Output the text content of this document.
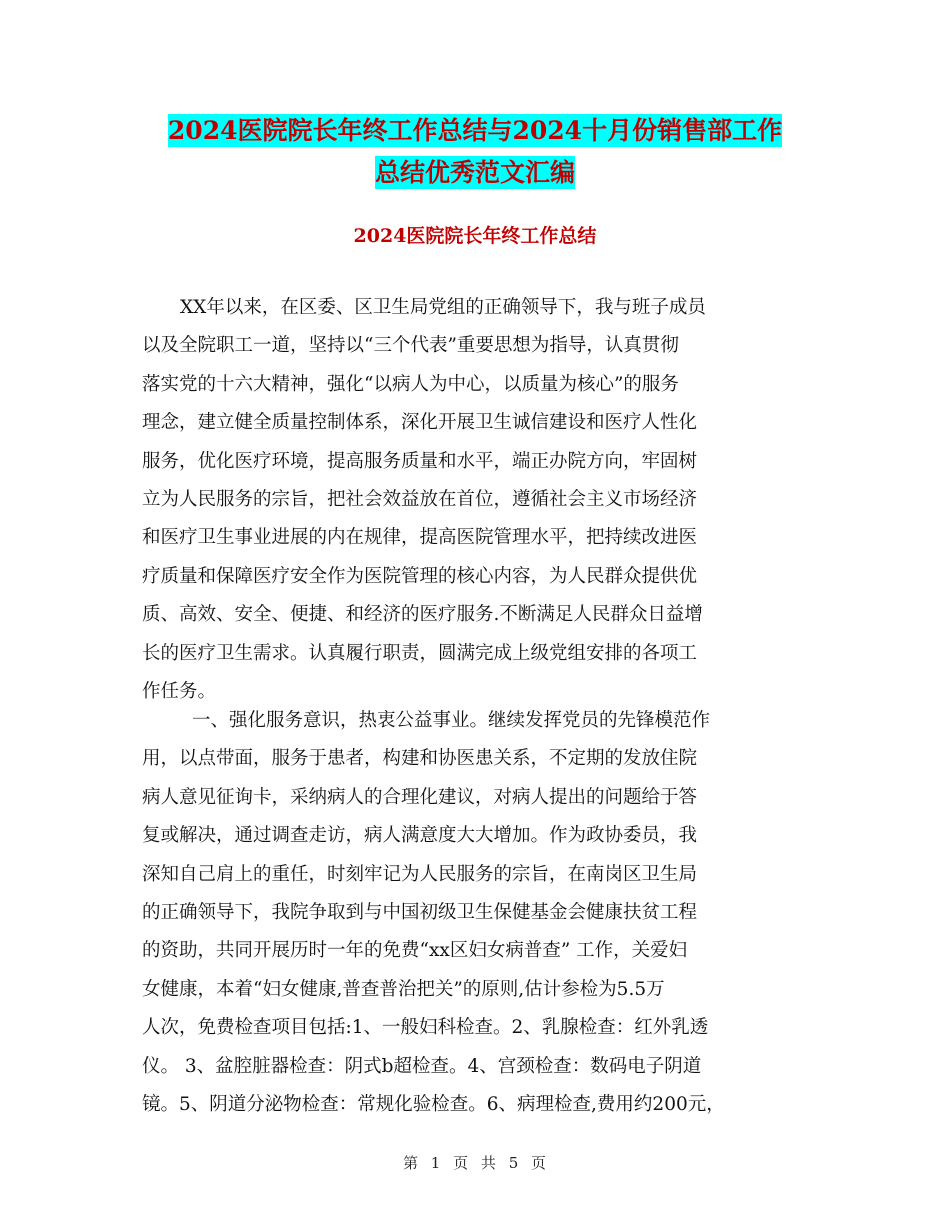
2024医院院长年终工作总结与2024十月份销售部工作
总结优秀范文汇编
2024医院院长年终工作总结
XX年以来，在区委、区卫生局党组的正确领导下，我与班子成员
以及全院职工一道，坚持以“三个代表”重要思想为指导，认真贯彻
落实党的十六大精神，强化“以病人为中心，以质量为核心”的服务
理念，建立健全质量控制体系，深化开展卫生诚信建设和医疗人性化
服务，优化医疗环境，提高服务质量和水平，端正办院方向，牢固树
立为人民服务的宗旨，把社会效益放在首位，遵循社会主义市场经济
和医疗卫生事业进展的内在规律，提高医院管理水平，把持续改进医
疗质量和保障医疗安全作为医院管理的核心内容，为人民群众提供优
质、高效、安全、便捷、和经济的医疗服务.不断满足人民群众日益增
长的医疗卫生需求。认真履行职责，圆满完成上级党组安排的各项工
作任务。
一、强化服务意识，热衷公益事业。继续发挥党员的先锋模范作
用，以点带面，服务于患者，构建和协医患关系，不定期的发放住院
病人意见征询卡，采纳病人的合理化建议，对病人提出的问题给于答
复或解决，通过调查走访，病人满意度大大增加。作为政协委员，我
深知自己肩上的重任，时刻牢记为人民服务的宗旨，在南岗区卫生局
的正确领导下，我院争取到与中国初级卫生保健基金会健康扶贫工程
的资助，共同开展历时一年的免费“xx区妇女病普查” 工作，关爱妇
女健康，本着“妇女健康,普查普治把关”的原则,估计参检为5.5万
人次，免费检查项目包括:1、一般妇科检查。2、乳腺检查：红外乳透
仪。 3、盆腔脏器检查：阴式b超检查。4、宫颈检查：数码电子阴道
镜。5、阴道分泌物检查：常规化验检查。6、病理检查,费用约200元，
第 1 页 共 5 页
